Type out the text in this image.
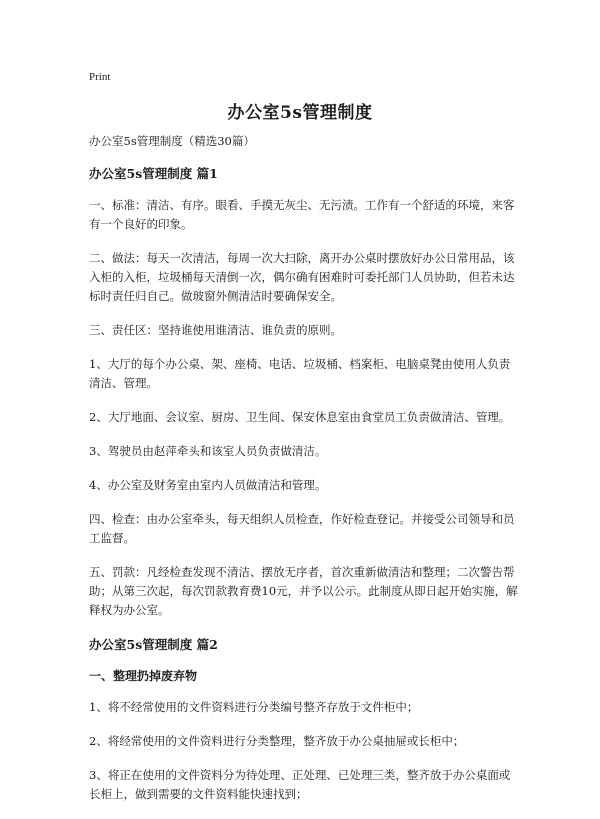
Print
办公室5s管理制度

办公室5s管理制度（精选30篇）

办公室5s管理制度 篇1

一、标准：清洁、有序。眼看、手摸无灰尘、无污渍。工作有一个舒适的环境，来客有一个良好的印象。

二、做法：每天一次清洁，每周一次大扫除，离开办公桌时摆放好办公日常用品，该入柜的入柜，垃圾桶每天清倒一次，偶尔确有困难时可委托部门人员协助，但若未达标时责任归自己。做玻窗外侧清洁时要确保安全。

三、责任区：坚持谁使用谁清洁、谁负责的原则。

1、大厅的每个办公桌、架、座椅、电话、垃圾桶、档案柜、电脑桌凳由使用人负责清洁、管理。

2、大厅地面、会议室、厨房、卫生间、保安休息室由食堂员工负责做清洁、管理。

3、驾驶员由赵萍牵头和该室人员负责做清洁。

4、办公室及财务室由室内人员做清洁和管理。

四、检查：由办公室牵头，每天组织人员检查，作好检查登记。并接受公司领导和员工监督。

五、罚款：凡经检查发现不清洁、摆放无序者，首次重新做清洁和整理；二次警告帮助；从第三次起，每次罚款教育费10元，并予以公示。此制度从即日起开始实施，解释权为办公室。

办公室5s管理制度 篇2
一、整理扔掉废弃物

1、将不经常使用的文件资料进行分类编号整齐存放于文件柜中；

2、将经常使用的文件资料进行分类整理，整齐放于办公桌抽屉或长柜中；

3、将正在使用的文件资料分为待处理、正处理、已处理三类，整齐放于办公桌面或长柜上，做到需要的文件资料能快速找到；
